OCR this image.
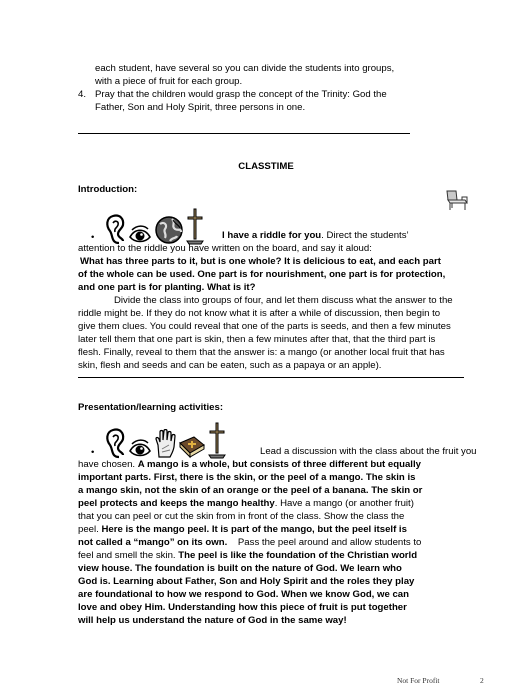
each student, have several so you can divide the students into groups,
with a piece of fruit for each group.
4. Pray that the children would grasp the concept of the Trinity: God the
Father, Son and Holy Spirit, three persons in one.
CLASSTIME
Introduction:
•	I have a riddle for you. Direct the students’
attention to the riddle you have written on the board, and say it aloud:
What has three parts to it, but is one whole? It is delicious to eat, and each part
of the whole can be used. One part is for nourishment, one part is for protection,
and one part is for planting. What is it?
Divide the class into groups of four, and let them discuss what the answer to the
riddle might be. If they do not know what it is after a while of discussion, then begin to
give them clues. You could reveal that one of the parts is seeds, and then a few minutes
later tell them that one part is skin, then a few minutes after that, that the third part is
flesh. Finally, reveal to them that the answer is: a mango (or another local fruit that has
skin, flesh and seeds and can be eaten, such as a papaya or an apple).
Presentation/learning activities:
•	Lead a discussion with the class about the fruit you
have chosen. A mango is a whole, but consists of three different but equally
important parts. First, there is the skin, or the peel of a mango. The skin is
a mango skin, not the skin of an orange or the peel of a banana. The skin or
peel protects and keeps the mango healthy. Have a mango (or another fruit)
that you can peel or cut the skin from in front of the class. Show the class the
peel. Here is the mango peel. It is part of the mango, but the peel itself is
not called a “mango” on its own.    Pass the peel around and allow students to
feel and smell the skin. The peel is like the foundation of the Christian world
view house. The foundation is built on the nature of God. We learn who
God is. Learning about Father, Son and Holy Spirit and the roles they play
are foundational to how we respond to God. When we know God, we can
love and obey Him. Understanding how this piece of fruit is put together
will help us understand the nature of God in the same way!
Not For Profit	2
